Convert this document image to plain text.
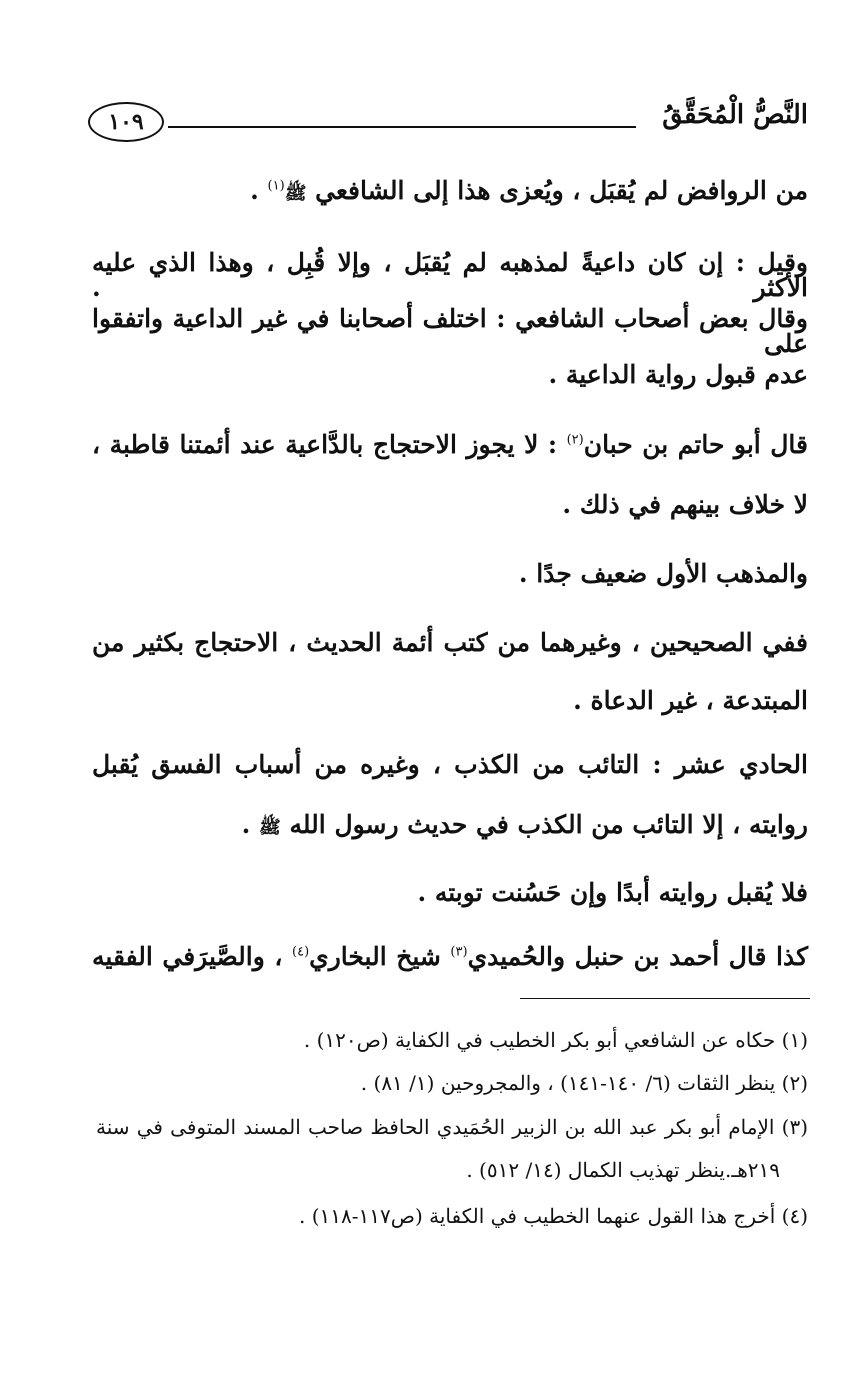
النَّصُّ الْمُحَقَّقُ
١٠٩
من الروافض لم يُقبَل ، ويُعزى هذا إلى الشافعي ﷺ$^{(١)}$ .
وقيل : إن كان داعيةً لمذهبه لم يُقبَل ، وإلا قُبِل ، وهذا الذي عليه الأكثر .
وقال بعض أصحاب الشافعي : اختلف أصحابنا في غير الداعية واتفقوا على
عدم قبول رواية الداعية .
قال أبو حاتم بن حبان$^{(٢)}$ : لا يجوز الاحتجاج بالدَّاعية عند أئمتنا قاطبة ،
لا خلاف بينهم في ذلك .
والمذهب الأول ضعيف جدًا .
ففي الصحيحين ، وغيرهما من كتب أئمة الحديث ، الاحتجاج بكثير من
المبتدعة ، غير الدعاة .
الحادي عشر : التائب من الكذب ، وغيره من أسباب الفسق يُقبل
روايته ، إلا التائب من الكذب في حديث رسول الله ﷺ .
فلا يُقبل روايته أبدًا وإن حَسُنت توبته .
كذا قال أحمد بن حنبل والحُميدي$^{(٣)}$ شيخ البخاري$^{(٤)}$ ، والصَّيرَفي الفقيه
(١) حكاه عن الشافعي أبو بكر الخطيب في الكفاية (ص١٢٠) .
(٢) ينظر الثقات (٦/ ١٤٠-١٤١) ، والمجروحين (١/ ٨١) .
(٣) الإمام أبو بكر عبد الله بن الزبير الحُمَيدي الحافظ صاحب المسند المتوفى في سنة
٢١٩هـ.ينظر تهذيب الكمال (١٤/ ٥١٢) .
(٤) أخرج هذا القول عنهما الخطيب في الكفاية (ص١١٧-١١٨) .
